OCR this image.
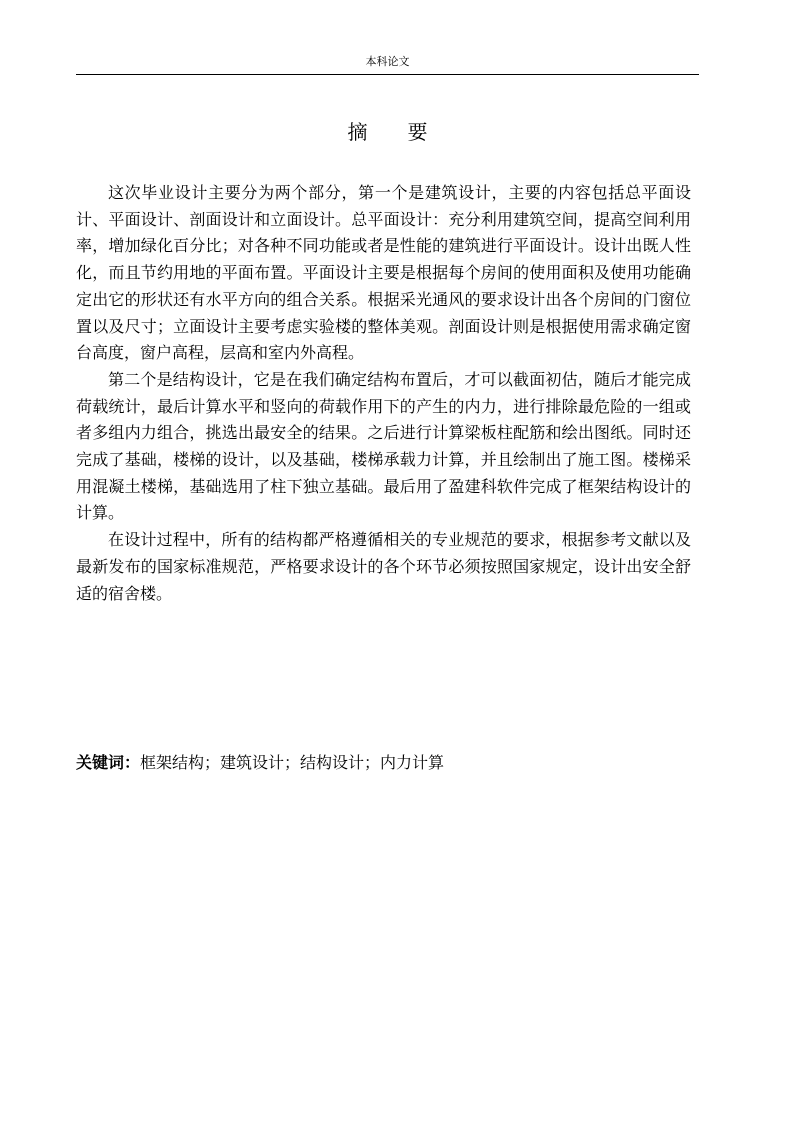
本科论文
摘 要

这次毕业设计主要分为两个部分，第一个是建筑设计，主要的内容包括总平面设计、平面设计、剖面设计和立面设计。总平面设计：充分利用建筑空间，提高空间利用率，增加绿化百分比；对各种不同功能或者是性能的建筑进行平面设计。设计出既人性化，而且节约用地的平面布置。平面设计主要是根据每个房间的使用面积及使用功能确定出它的形状还有水平方向的组合关系。根据采光通风的要求设计出各个房间的门窗位置以及尺寸；立面设计主要考虑实验楼的整体美观。剖面设计则是根据使用需求确定窗台高度，窗户高程，层高和室内外高程。

第二个是结构设计，它是在我们确定结构布置后，才可以截面初估，随后才能完成荷载统计，最后计算水平和竖向的荷载作用下的产生的内力，进行排除最危险的一组或者多组内力组合，挑选出最安全的结果。之后进行计算梁板柱配筋和绘出图纸。同时还完成了基础，楼梯的设计，以及基础，楼梯承载力计算，并且绘制出了施工图。楼梯采用混凝土楼梯，基础选用了柱下独立基础。最后用了盈建科软件完成了框架结构设计的计算。

在设计过程中，所有的结构都严格遵循相关的专业规范的要求，根据参考文献以及最新发布的国家标准规范，严格要求设计的各个环节必须按照国家规定，设计出安全舒适的宿舍楼。

关键词：框架结构；建筑设计；结构设计；内力计算
